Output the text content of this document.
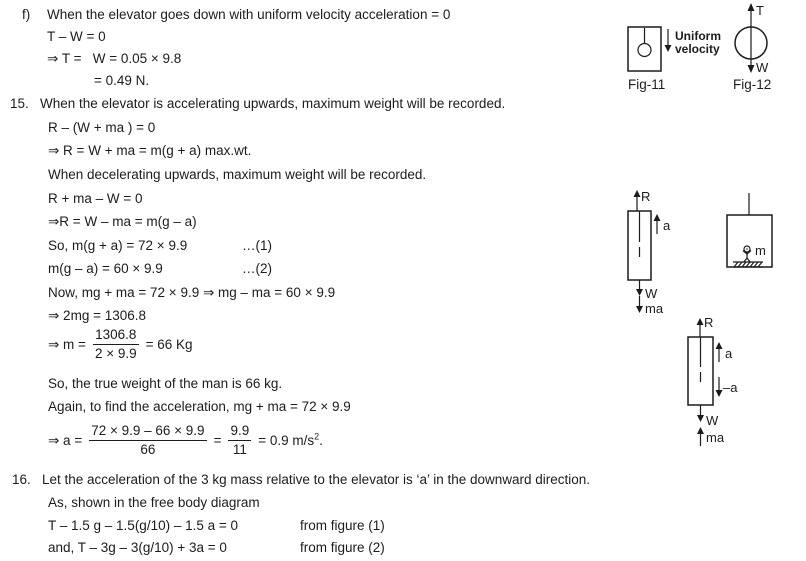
f) When the elevator goes down with uniform velocity acceleration = 0
T – W = 0
⇒ T =   W = 0.05 × 9.8
= 0.49 N.
Uniform
velocity
Fig-11
T
W
Fig-12
15. When the elevator is accelerating upwards, maximum weight will be recorded.
R – (W + ma ) = 0
⇒ R = W + ma = m(g + a) max.wt.
When decelerating upwards, maximum weight will be recorded.
R + ma – W = 0
⇒R = W – ma = m(g – a)
So, m(g + a) = 72 × 9.9	…(1)
m(g – a) = 60 × 9.9	…(2)
Now, mg + ma = 72 × 9.9 ⇒ mg – ma = 60 × 9.9
⇒ 2mg = 1306.8
⇒ $m = \frac{1306.8}{2 \times 9.9} = 66$ Kg
So, the true weight of the man is 66 kg.
Again, to find the acceleration, mg + ma = 72 × 9.9
⇒ $a = \frac{72 \times 9.9 - 66 \times 9.9}{66} = \frac{9.9}{11} = 0.9$ $m/s^2$.
R
a
W
ma
m
R
a
–a
W
ma
16. Let the acceleration of the 3 kg mass relative to the elevator is ‘a’ in the downward direction.
As, shown in the free body diagram
T – 1.5 g – 1.5(g/10) – 1.5 a = 0	from figure (1)
and, T – 3g – 3(g/10) + 3a = 0	from figure (2)
